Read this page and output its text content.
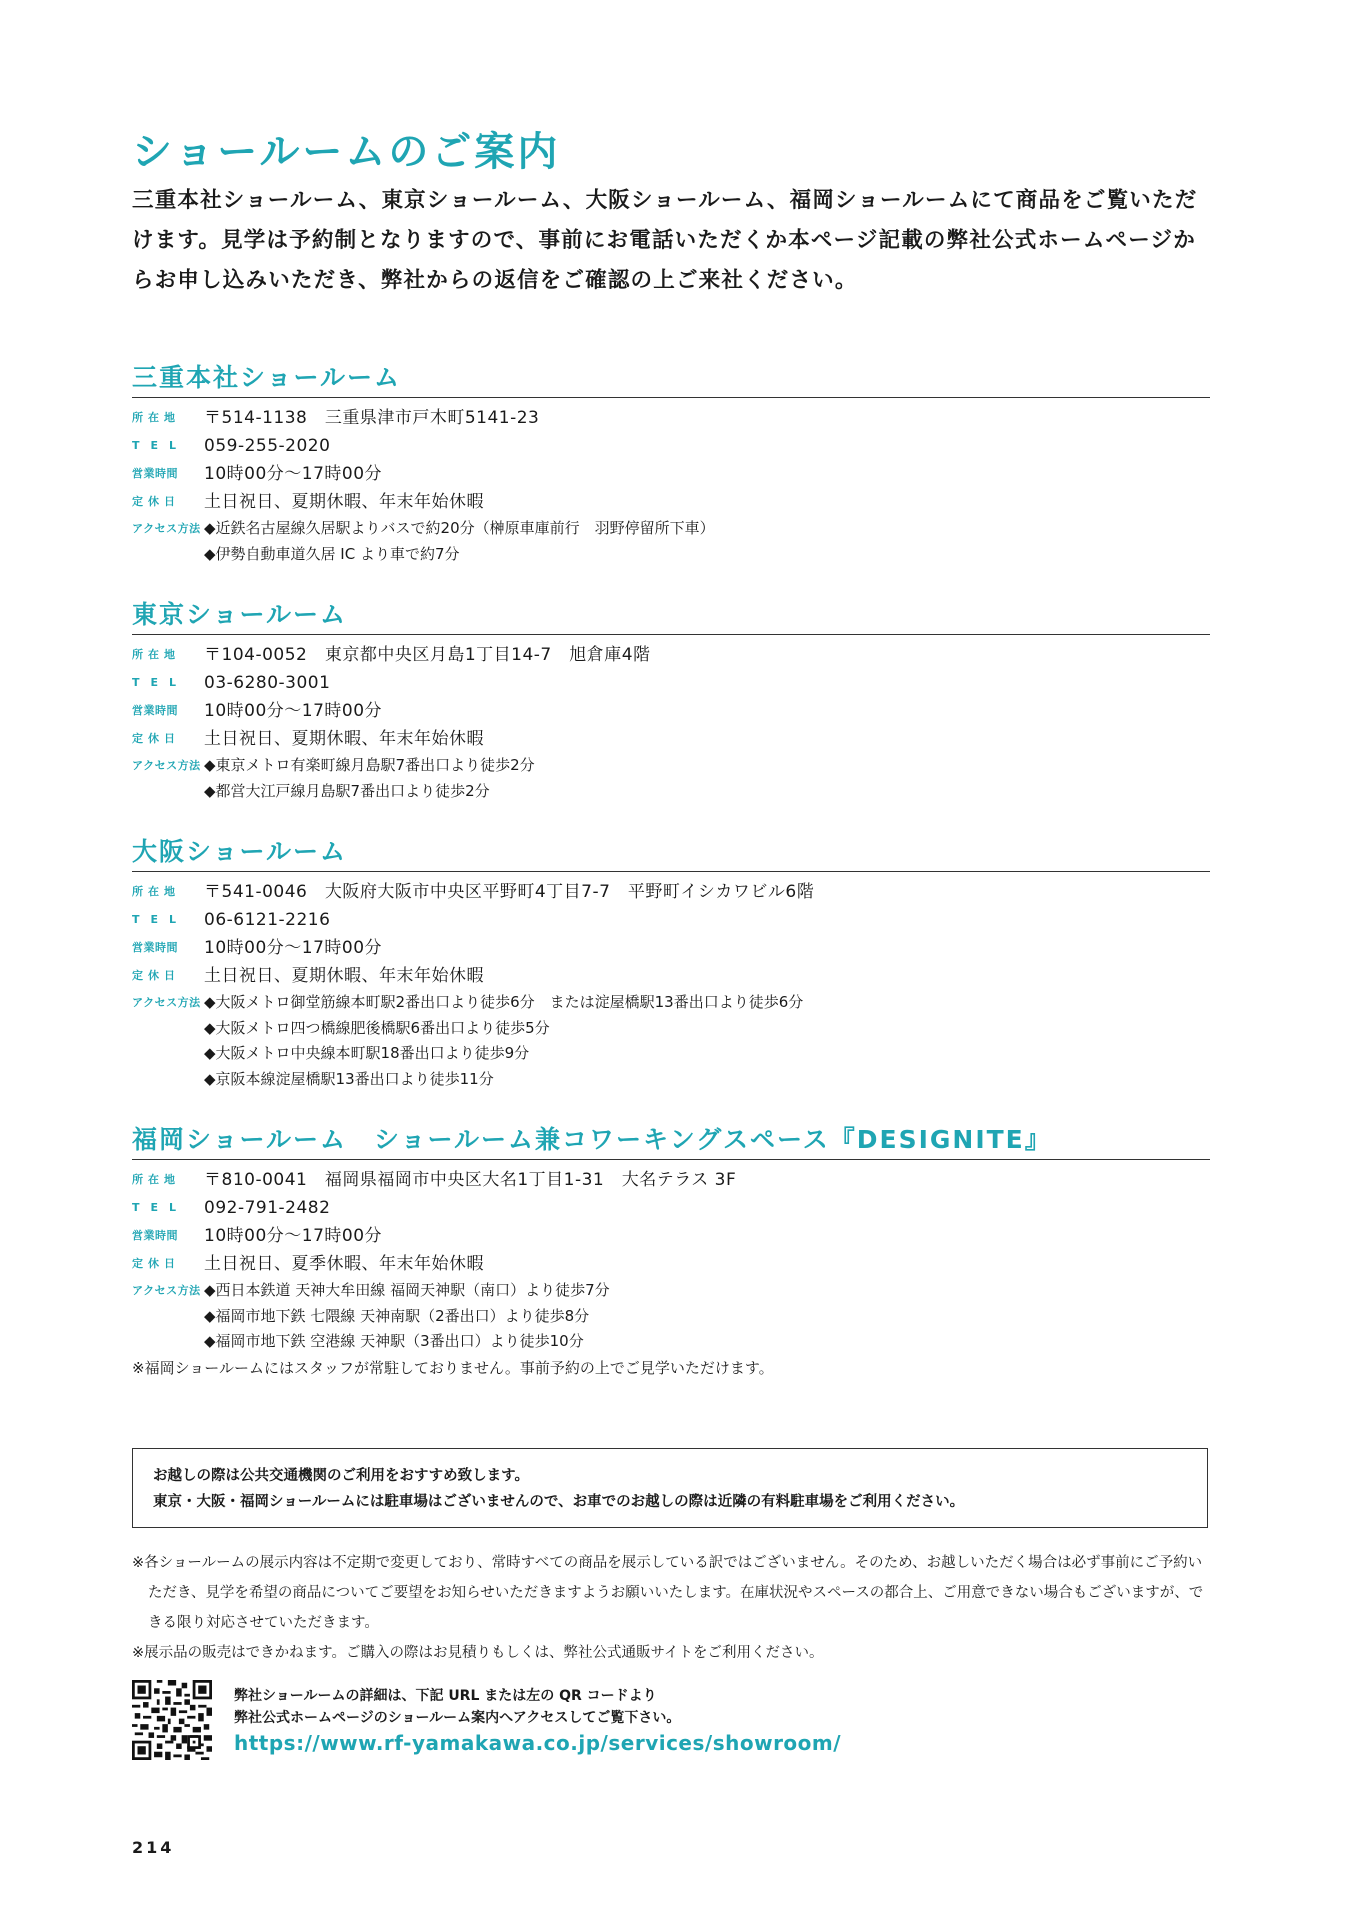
ショールームのご案内
三重本社ショールーム、東京ショールーム、大阪ショールーム、福岡ショールームにて商品をご覧いただけます。見学は予約制となりますので、事前にお電話いただくか本ページ記載の弊社公式ホームページからお申し込みいただき、弊社からの返信をご確認の上ご来社ください。
三重本社ショールーム
所在地	〒514-1138　三重県津市戸木町5141-23
TEL 059-255-2020
営業時間	10時00分～17時00分
定休日	土日祝日、夏期休暇、年末年始休暇
アクセス方法 ◆近鉄名古屋線久居駅よりバスで約20分（榊原車庫前行　羽野停留所下車）
◆伊勢自動車道久居 IC より車で約7分
東京ショールーム
所在地	〒104-0052　東京都中央区月島1丁目14-7　旭倉庫4階
TEL 03-6280-3001
営業時間	10時00分～17時00分
定休日	土日祝日、夏期休暇、年末年始休暇
アクセス方法 ◆東京メトロ有楽町線月島駅7番出口より徒歩2分
◆都営大江戸線月島駅7番出口より徒歩2分
大阪ショールーム
所在地	〒541-0046　大阪府大阪市中央区平野町4丁目7-7　平野町イシカワビル6階
TEL 06-6121-2216
営業時間	10時00分～17時00分
定休日	土日祝日、夏期休暇、年末年始休暇
アクセス方法 ◆大阪メトロ御堂筋線本町駅2番出口より徒歩6分　または淀屋橋駅13番出口より徒歩6分
◆大阪メトロ四つ橋線肥後橋駅6番出口より徒歩5分
◆大阪メトロ中央線本町駅18番出口より徒歩9分
◆京阪本線淀屋橋駅13番出口より徒歩11分
福岡ショールーム　ショールーム兼コワーキングスペース『DESIGNITE』
所在地	〒810-0041　福岡県福岡市中央区大名1丁目1-31　大名テラス 3F
TEL 092-791-2482
営業時間	10時00分～17時00分
定休日	土日祝日、夏季休暇、年末年始休暇
アクセス方法 ◆西日本鉄道 天神大牟田線 福岡天神駅（南口）より徒歩7分
◆福岡市地下鉄 七隈線 天神南駅（2番出口）より徒歩8分
◆福岡市地下鉄 空港線 天神駅（3番出口）より徒歩10分
※福岡ショールームにはスタッフが常駐しておりません。事前予約の上でご見学いただけます。
お越しの際は公共交通機関のご利用をおすすめ致します。
東京・大阪・福岡ショールームには駐車場はございませんので、お車でのお越しの際は近隣の有料駐車場をご利用ください。

※各ショールームの展示内容は不定期で変更しており、常時すべての商品を展示している訳ではございません。そのため、お越しいただく場合は必ず事前にご予約いただき、見学を希望の商品についてご要望をお知らせいただきますようお願いいたします。在庫状況やスペースの都合上、ご用意できない場合もございますが、できる限り対応させていただきます。

※展示品の販売はできかねます。ご購入の際はお見積りもしくは、弊社公式通販サイトをご利用ください。

弊社ショールームの詳細は、下記 URL または左の QR コードより
弊社公式ホームページのショールーム案内へアクセスしてご覧下さい。
https://www.rf-yamakawa.co.jp/services/showroom/
214
